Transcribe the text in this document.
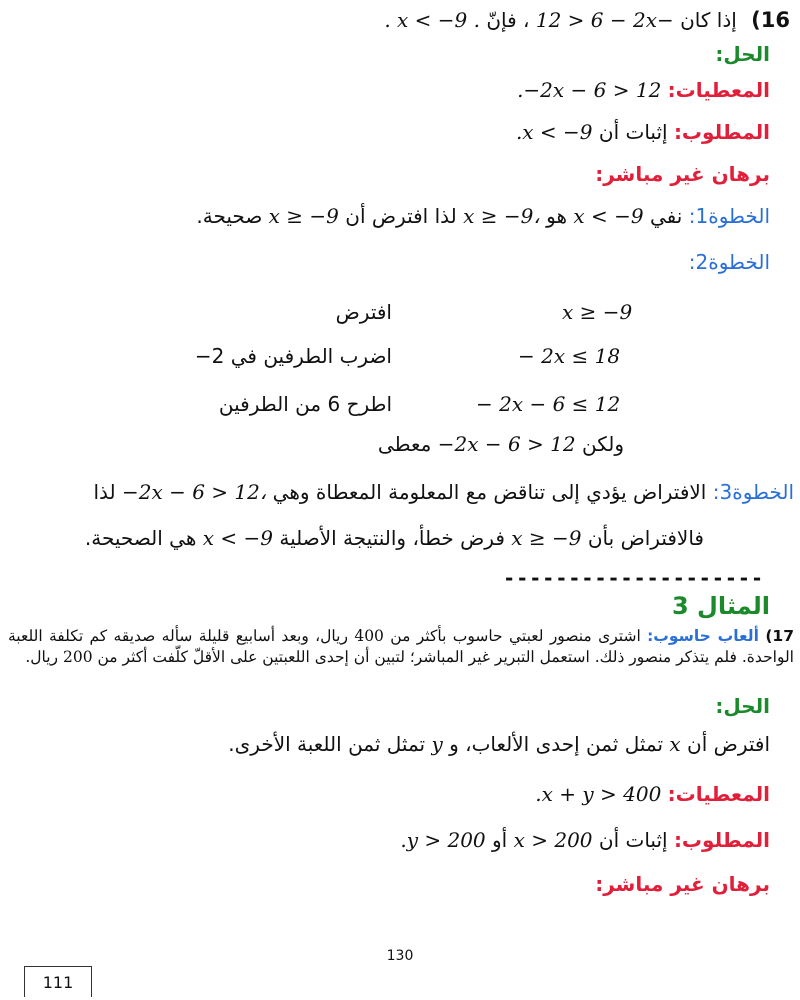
16) إذا كان 12 > 6 − 2x− ، فإنّ . x < −9 .
الحل:
المعطيات: .−2x − 6 > 12
المطلوب: إثبات أن .x < −9
برهان غير مباشر:
الخطوة1: نفي x < −9 هو x ≥ −9، لذا افترض أن x ≥ −9 صحيحة.
الخطوة2:
x ≥ −9
افترض
− 2x ≤ 18
اضرب الطرفين في 2−
− 2x − 6 ≤ 12
اطرح 6 من الطرفين
ولكن −2x − 6 > 12 معطى
الخطوة3: الافتراض يؤدي إلى تناقض مع المعلومة المعطاة وهي −2x − 6 > 12، لذا
فالافتراض بأن x ≥ −9 فرض خطأ، والنتيجة الأصلية x < −9 هي الصحيحة.
--------------------
المثال 3
17) ألعاب حاسوب: اشترى منصور لعبتي حاسوب بأكثر من 400 ريال، وبعد أسابيع قليلة سأله صديقه كم تكلفة اللعبة الواحدة. فلم يتذكر منصور ذلك. استعمل التبرير غير المباشر؛ لتبين أن إحدى اللعبتين على الأقلّ كلّفت أكثر من 200 ريال.
الحل:
افترض أن x تمثل ثمن إحدى الألعاب، و y تمثل ثمن اللعبة الأخرى.
المعطيات: .x + y > 400
المطلوب: إثبات أن x > 200 أو .y > 200
برهان غير مباشر:
130
111
